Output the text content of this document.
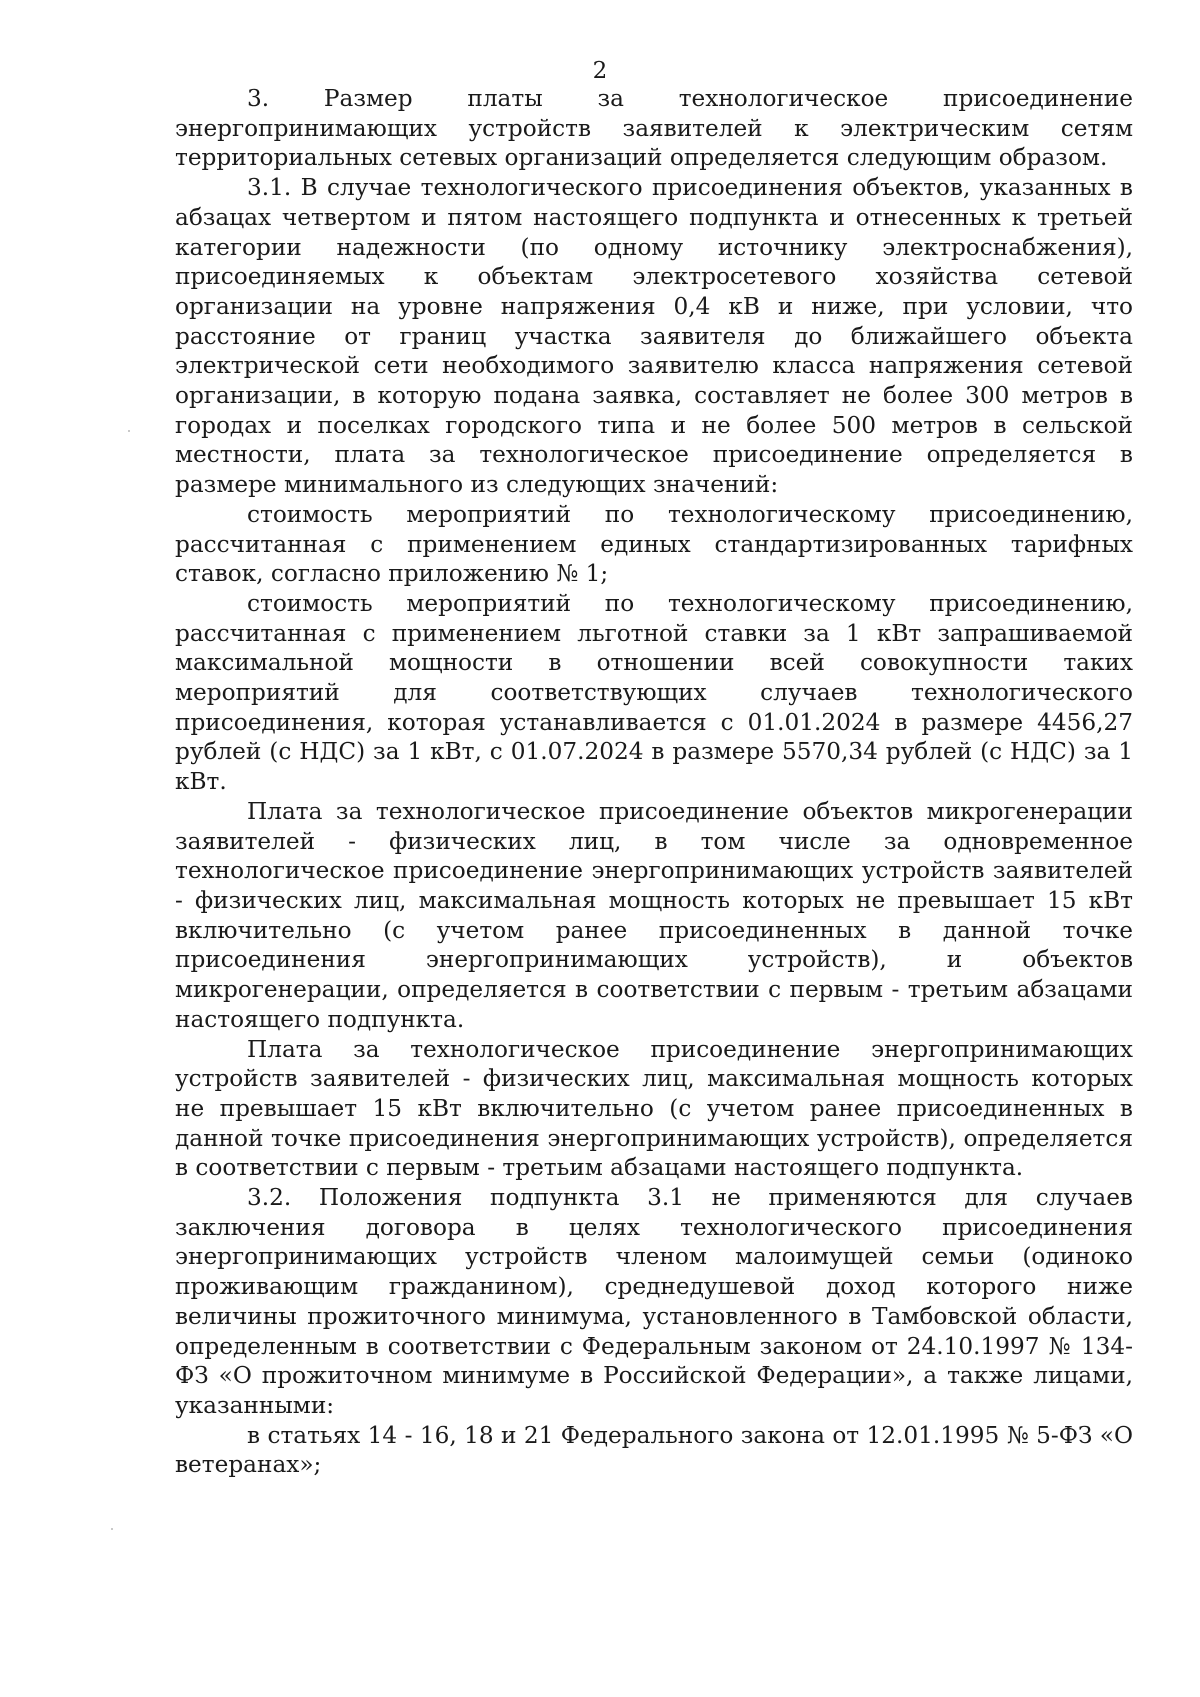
2

3. Размер платы за технологическое присоединение энергопринимающих устройств заявителей к электрическим сетям территориальных сетевых организаций определяется следующим образом.

3.1. В случае технологического присоединения объектов, указанных в абзацах четвертом и пятом настоящего подпункта и отнесенных к третьей категории надежности (по одному источнику электроснабжения), присоединяемых к объектам электросетевого хозяйства сетевой организации на уровне напряжения 0,4 кВ и ниже, при условии, что расстояние от границ участка заявителя до ближайшего объекта электрической сети необходимого заявителю класса напряжения сетевой организации, в которую подана заявка, составляет не более 300 метров в городах и поселках городского типа и не более 500 метров в сельской местности, плата за технологическое присоединение определяется в размере минимального из следующих значений:

стоимость мероприятий по технологическому присоединению, рассчитанная с применением единых стандартизированных тарифных ставок, согласно приложению № 1;

стоимость мероприятий по технологическому присоединению, рассчитанная с применением льготной ставки за 1 кВт запрашиваемой максимальной мощности в отношении всей совокупности таких мероприятий для соответствующих случаев технологического присоединения, которая устанавливается с 01.01.2024 в размере 4456,27 рублей (с НДС) за 1 кВт, с 01.07.2024 в размере 5570,34 рублей (с НДС) за 1 кВт.

Плата за технологическое присоединение объектов микрогенерации заявителей - физических лиц, в том числе за одновременное технологическое присоединение энергопринимающих устройств заявителей - физических лиц, максимальная мощность которых не превышает 15 кВт включительно (с учетом ранее присоединенных в данной точке присоединения энергопринимающих устройств), и объектов микрогенерации, определяется в соответствии с первым - третьим абзацами настоящего подпункта.

Плата за технологическое присоединение энергопринимающих устройств заявителей - физических лиц, максимальная мощность которых не превышает 15 кВт включительно (с учетом ранее присоединенных в данной точке присоединения энергопринимающих устройств), определяется в соответствии с первым - третьим абзацами настоящего подпункта.

3.2. Положения подпункта 3.1 не применяются для случаев заключения договора в целях технологического присоединения энергопринимающих устройств членом малоимущей семьи (одиноко проживающим гражданином), среднедушевой доход которого ниже величины прожиточного минимума, установленного в Тамбовской области, определенным в соответствии с Федеральным законом от 24.10.1997 № 134-ФЗ «О прожиточном минимуме в Российской Федерации», а также лицами, указанными:

в статьях 14 - 16, 18 и 21 Федерального закона от 12.01.1995 № 5-ФЗ «О ветеранах»;
